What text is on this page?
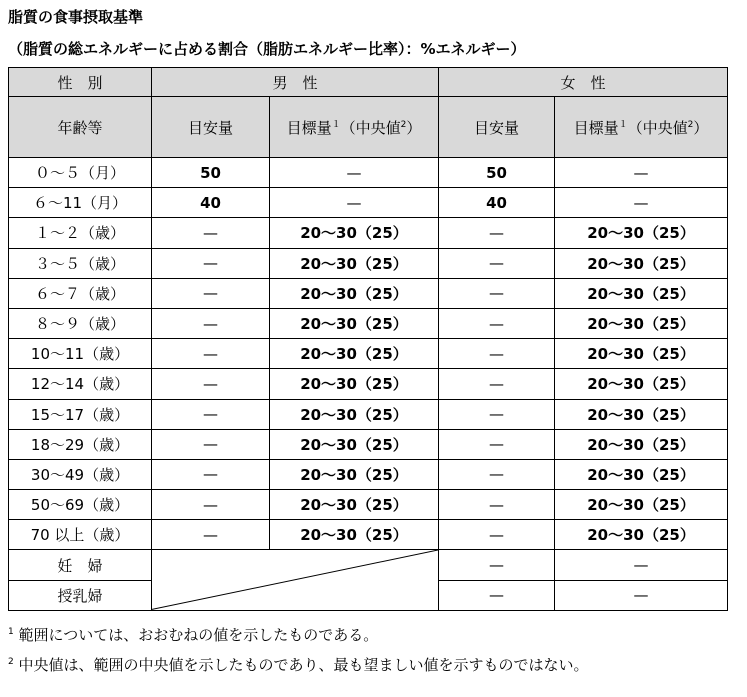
脂質の食事摂取基準
（脂質の総エネルギーに占める割合（脂肪エネルギー比率）：%エネルギー）
性　別	男　性		女　性	
年齢等	目安量	目標量$^1$（中央値$^2$）	目安量	目標量$^1$（中央値$^2$）
０～５（月）	50	—	50	—
６～11（月）	40	—	40	—
１～２（歳）	—	20～30（25）	—	20～30（25）
３～５（歳）	—	20～30（25）	—	20～30（25）
６～７（歳）	—	20～30（25）	—	20～30（25）
８～９（歳）	—	20～30（25）	—	20～30（25）
10～11（歳）	—	20～30（25）	—	20～30（25）
12～14（歳）	—	20～30（25）	—	20～30（25）
15～17（歳）	—	20～30（25）	—	20～30（25）
18～29（歳）	—	20～30（25）	—	20～30（25）
30～49（歳）	—	20～30（25）	—	20～30（25）
50～69（歳）	—	20～30（25）	—	20～30（25）
70 以上（歳）	—	20～30（25）	—	20～30（25）
妊　婦			—	—
授乳婦			—	—
$^1$ 範囲については、おおむねの値を示したものである。
$^2$ 中央値は、範囲の中央値を示したものであり、最も望ましい値を示すものではない。
